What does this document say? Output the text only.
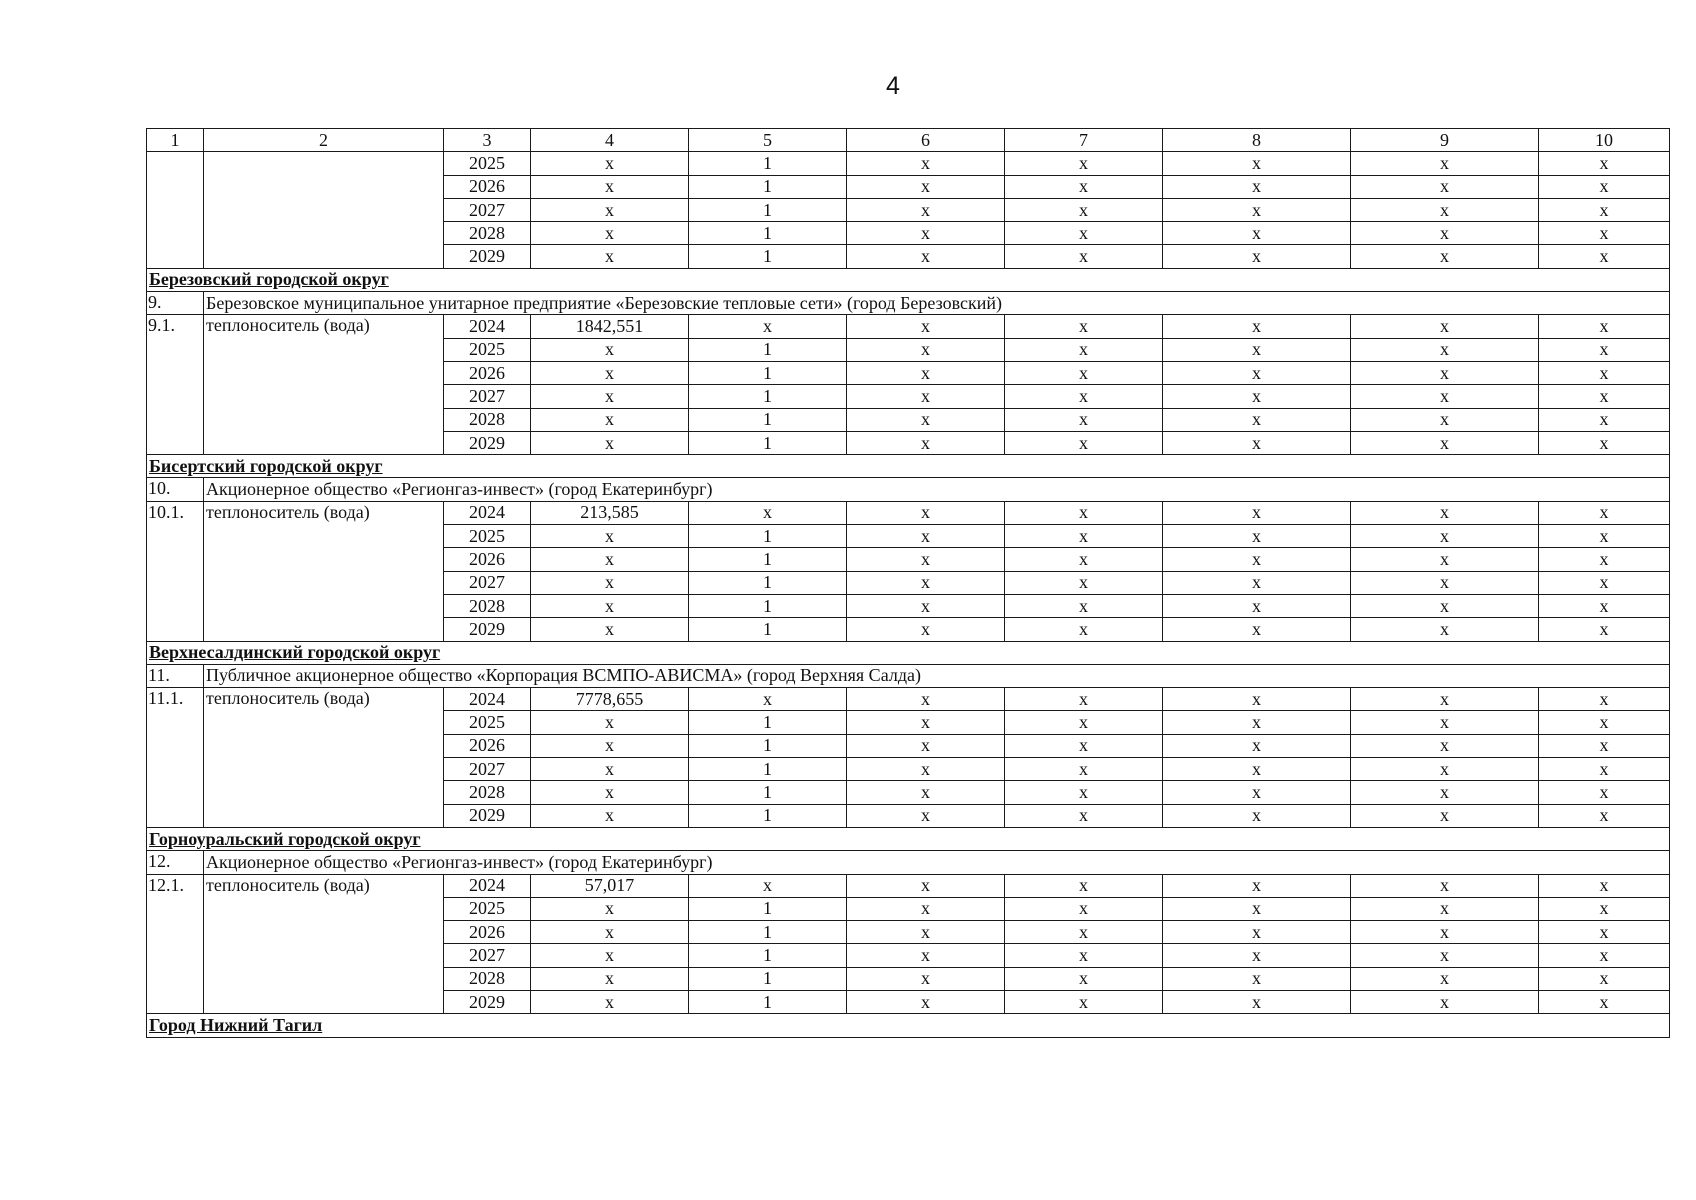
4
1	2	3	4	5	6	7	8	9	10
		2025	x	1	x	x	x	x	x
		2026	x	1	x	x	x	x	x
		2027	x	1	x	x	x	x	x
		2028	x	1	x	x	x	x	x
		2029	x	1	x	x	x	x	x
Березовский городской округ									
9.	Березовское муниципальное унитарное предприятие «Березовские тепловые сети» (город Березовский)								
9.1.	теплоноситель (вода)	2024	1842,551	x	x	x	x	x	x
		2025	x	1	x	x	x	x	x
		2026	x	1	x	x	x	x	x
		2027	x	1	x	x	x	x	x
		2028	x	1	x	x	x	x	x
		2029	x	1	x	x	x	x	x
Бисертский городской округ									
10.	Акционерное общество «Регионгаз-инвест» (город Екатеринбург)								
10.1.	теплоноситель (вода)	2024	213,585	x	x	x	x	x	x
		2025	x	1	x	x	x	x	x
		2026	x	1	x	x	x	x	x
		2027	x	1	x	x	x	x	x
		2028	x	1	x	x	x	x	x
		2029	x	1	x	x	x	x	x
Верхнесалдинский городской округ									
11.	Публичное акционерное общество «Корпорация ВСМПО-АВИСМА» (город Верхняя Салда)								
11.1.	теплоноситель (вода)	2024	7778,655	x	x	x	x	x	x
		2025	x	1	x	x	x	x	x
		2026	x	1	x	x	x	x	x
		2027	x	1	x	x	x	x	x
		2028	x	1	x	x	x	x	x
		2029	x	1	x	x	x	x	x
Горноуральский городской округ									
12.	Акционерное общество «Регионгаз-инвест» (город Екатеринбург)								
12.1.	теплоноситель (вода)	2024	57,017	x	x	x	x	x	x
		2025	x	1	x	x	x	x	x
		2026	x	1	x	x	x	x	x
		2027	x	1	x	x	x	x	x
		2028	x	1	x	x	x	x	x
		2029	x	1	x	x	x	x	x
Город Нижний Тагил									
